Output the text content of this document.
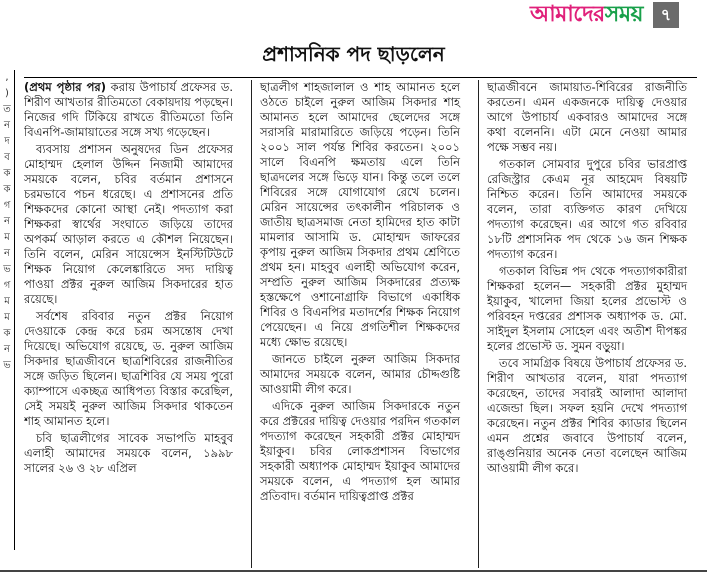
আমাদেরসময়	৭
,
)
ত
ন
দ
ব
ক
ক
গ
ন
ম
ন
ভ
গ
ম
ম
ক
ন
ভ
প্রশাসনিক পদ ছাড়লেন

(প্রথম পৃষ্ঠার পর) করায় উপাচার্য প্রফেসর ড. শিরীণ আখতার রীতিমতো বেকায়দায় পড়ছেন। নিজের গদি টিকিয়ে রাখতে রীতিমতো তিনি বিএনপি-জামায়াতের সঙ্গে সখ্য গড়েছেন।

ব্যবসায় প্রশাসন অনুষদের ডিন প্রফেসর মোহাম্মদ হেলাল উদ্দিন নিজামী আমাদের সময়কে বলেন, চবির বর্তমান প্রশাসনে চরমভাবে পচন ধরেছে। এ প্রশাসনের প্রতি শিক্ষকদের কোনো আস্থা নেই। পদত্যাগ করা শিক্ষকরা স্বার্থের সংঘাতে জড়িয়ে তাদের অপকর্ম আড়াল করতে এ কৌশল নিয়েছেন। তিনি বলেন, মেরিন সায়েন্সেস ইনস্টিটিউটে শিক্ষক নিয়োগ কেলেঙ্কারিতে সদ্য দায়িত্ব পাওয়া প্রক্টর নুরুল আজিম সিকদারের হাত রয়েছে।

সর্বশেষ রবিবার নতুন প্রক্টর নিয়োগ দেওয়াকে কেন্দ্র করে চরম অসন্তোষ দেখা দিয়েছে। অভিযোগ রয়েছে, ড. নুরুল আজিম সিকদার ছাত্রজীবনে ছাত্রশিবিরের রাজনীতির সঙ্গে জড়িত ছিলেন। ছাত্রশিবির যে সময় পুরো ক্যাম্পাসে একচ্ছত্র আধিপত্য বিস্তার করেছিল, সেই সময়ই নুরুল আজিম সিকদার থাকতেন শাহ আমানত হলে।

চবি ছাত্রলীগের সাবেক সভাপতি মাহবুব এলাহী আমাদের সময়কে বলেন, ১৯৯৮ সালের ২৬ ও ২৮ এপ্রিল

ছাত্রলীগ শাহজালাল ও শাহ আমানত হলে ওঠতে চাইলে নুরুল আজিম সিকদার শাহ আমানত হলে আমাদের ছেলেদের সঙ্গে সরাসরি মারামারিতে জড়িয়ে পড়েন। তিনি ২০০১ সাল পর্যন্ত শিবির করতেন। ২০০১ সালে বিএনপি ক্ষমতায় এলে তিনি ছাত্রদলের সঙ্গে ভিড়ে যান। কিন্তু তলে তলে শিবিরের সঙ্গে যোগাযোগ রেখে চলেন। মেরিন সায়েন্সের তৎকালীন পরিচালক ও জাতীয় ছাত্রসমাজ নেতা হামিদের হাত কাটা মামলার আসামি ড. মোহাম্মদ জাফরের কৃপায় নুরুল আজিম সিকদার প্রথম শ্রেণিতে প্রথম হন। মাহবুব এলাহী অভিযোগ করেন, সম্প্রতি নুরুল আজিম সিকদারের প্রত্যক্ষ হস্তক্ষেপে ওশানোগ্রাফি বিভাগে একাধিক শিবির ও বিএনপির মতাদর্শের শিক্ষক নিয়োগ পেয়েছেন। এ নিয়ে প্রগতিশীল শিক্ষকদের মধ্যে ক্ষোভ রয়েছে।

জানতে চাইলে নুরুল আজিম সিকদার আমাদের সময়কে বলেন, আমার চৌদ্দগুষ্টি আওয়ামী লীগ করে।

এদিকে নুরুল আজিম সিকদারকে নতুন করে প্রক্টরের দায়িত্ব দেওয়ার পরদিন গতকাল পদত্যাগ করেছেন সহকারী প্রক্টর মোহাম্মদ ইয়াকুব। চবির লোকপ্রশাসন বিভাগের সহকারী অধ্যাপক মোহাম্মদ ইয়াকুব আমাদের সময়কে বলেন, এ পদত্যাগ হল আমার প্রতিবাদ। বর্তমান দায়িত্বপ্রাপ্ত প্রক্টর

ছাত্রজীবনে জামায়াত-শিবিরের রাজনীতি করতেন। এমন একজনকে দায়িত্ব দেওয়ার আগে উপাচার্য একবারও আমাদের সঙ্গে কথা বলেননি। এটা মেনে নেওয়া আমার পক্ষে সম্ভব নয়।

গতকাল সোমবার দুপুরে চবির ভারপ্রাপ্ত রেজিস্ট্রার কেএম নূর আহমেদ বিষয়টি নিশ্চিত করেন। তিনি আমাদের সময়কে বলেন, তারা ব্যক্তিগত কারণ দেখিয়ে পদত্যাগ করেছেন। এর আগে গত রবিবার ১৮টি প্রশাসনিক পদ থেকে ১৬ জন শিক্ষক পদত্যাগ করেন।

গতকাল বিভিন্ন পদ থেকে পদত্যাগকারীরা শিক্ষকরা হলেন— সহকারী প্রক্টর মুহাম্মদ ইয়াকুব, খালেদা জিয়া হলের প্রভোস্ট ও পরিবহন দপ্তরের প্রশাসক অধ্যাপক ড. মো. সাইদুল ইসলাম সোহেল এবং অতীশ দীপঙ্কর হলের প্রভোস্ট ড. সুমন বড়ুয়া।

তবে সামগ্রিক বিষয়ে উপাচার্য প্রফেসর ড. শিরীণ আখতার বলেন, যারা পদত্যাগ করেছেন, তাদের সবারই আলাদা আলাদা এজেন্ডা ছিল। সফল হয়নি দেখে পদত্যাগ করেছেন। নতুন প্রক্টর শিবির ক্যাডার ছিলেন এমন প্রশ্নের জবাবে উপাচার্য বলেন, রাঙ্গুনিয়ার অনেক নেতা বলেছেন আজিম আওয়ামী লীগ করে।
